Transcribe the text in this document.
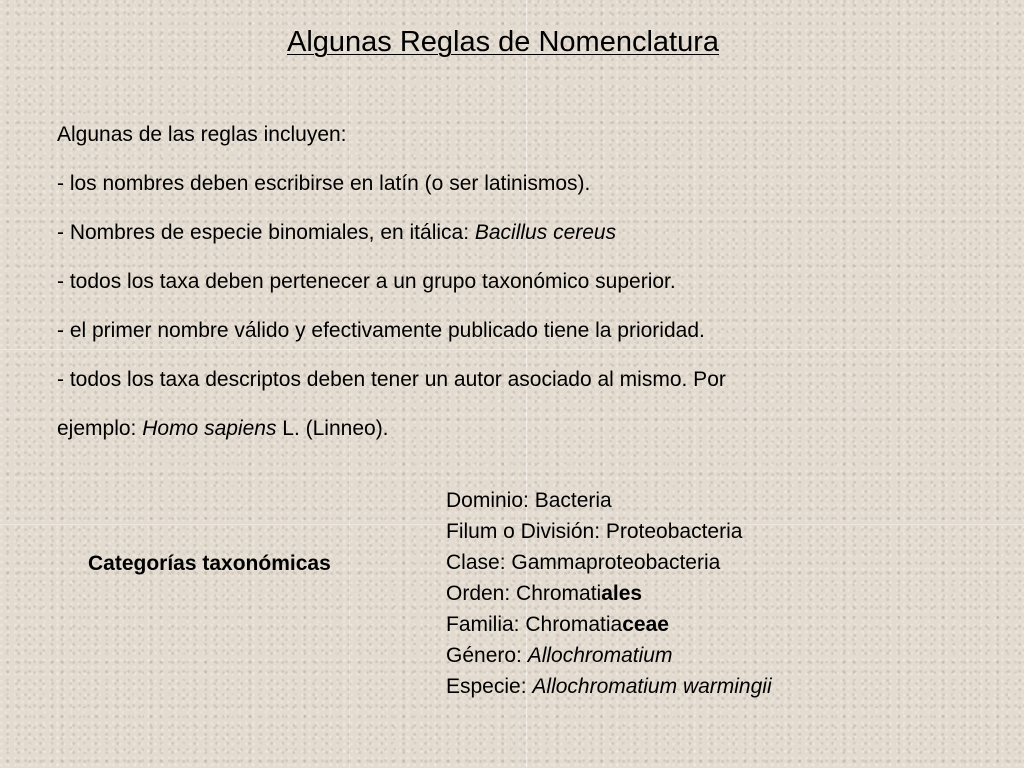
Algunas Reglas de Nomenclatura

Algunas de las reglas incluyen:

- los nombres deben escribirse en latín (o ser latinismos).

- Nombres de especie binomiales, en itálica: Bacillus cereus

- todos los taxa deben pertenecer a un grupo taxonómico superior.

- el primer nombre válido y efectivamente publicado tiene la prioridad.

- todos los taxa descriptos deben tener un autor asociado al mismo. Por

ejemplo: Homo sapiens L. (Linneo).

Categorías taxonómicas
Dominio: Bacteria
Filum o División: Proteobacteria
Clase: Gammaproteobacteria
Orden: Chromatiales
Familia: Chromatiaceae
Género: Allochromatium
Especie: Allochromatium warmingii
